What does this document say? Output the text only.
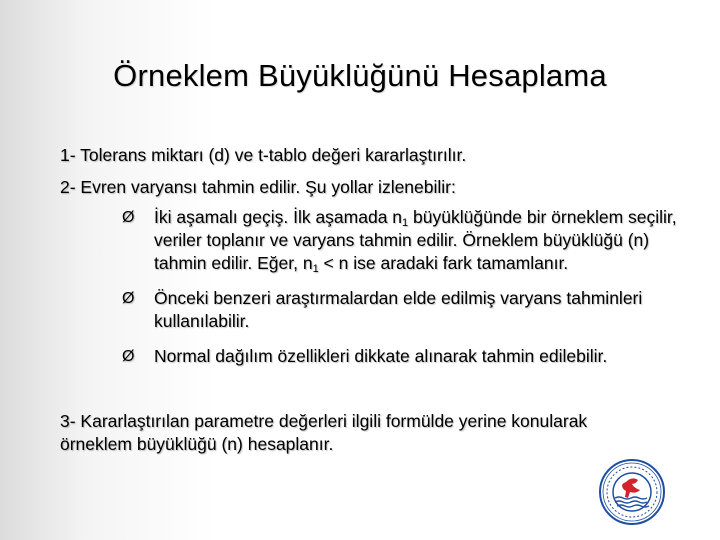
Örneklem Büyüklüğünü Hesaplama

1- Tolerans miktarı (d) ve t-tablo değeri kararlaştırılır.

2- Evren varyansı tahmin edilir. Şu yollar izlenebilir:

Ø İki aşamalı geçiş. İlk aşamada $n_1$ büyüklüğünde bir örneklem seçilir, veriler toplanır ve varyans tahmin edilir. Örneklem büyüklüğü (n) tahmin edilir. Eğer, $n_1 < n$ ise aradaki fark tamamlanır.
Ø Önceki benzeri araştırmalardan elde edilmiş varyans tahminleri kullanılabilir.
Ø Normal dağılım özellikleri dikkate alınarak tahmin edilebilir.

3- Kararlaştırılan parametre değerleri ilgili formülde yerine konularak örneklem büyüklüğü (n) hesaplanır.
